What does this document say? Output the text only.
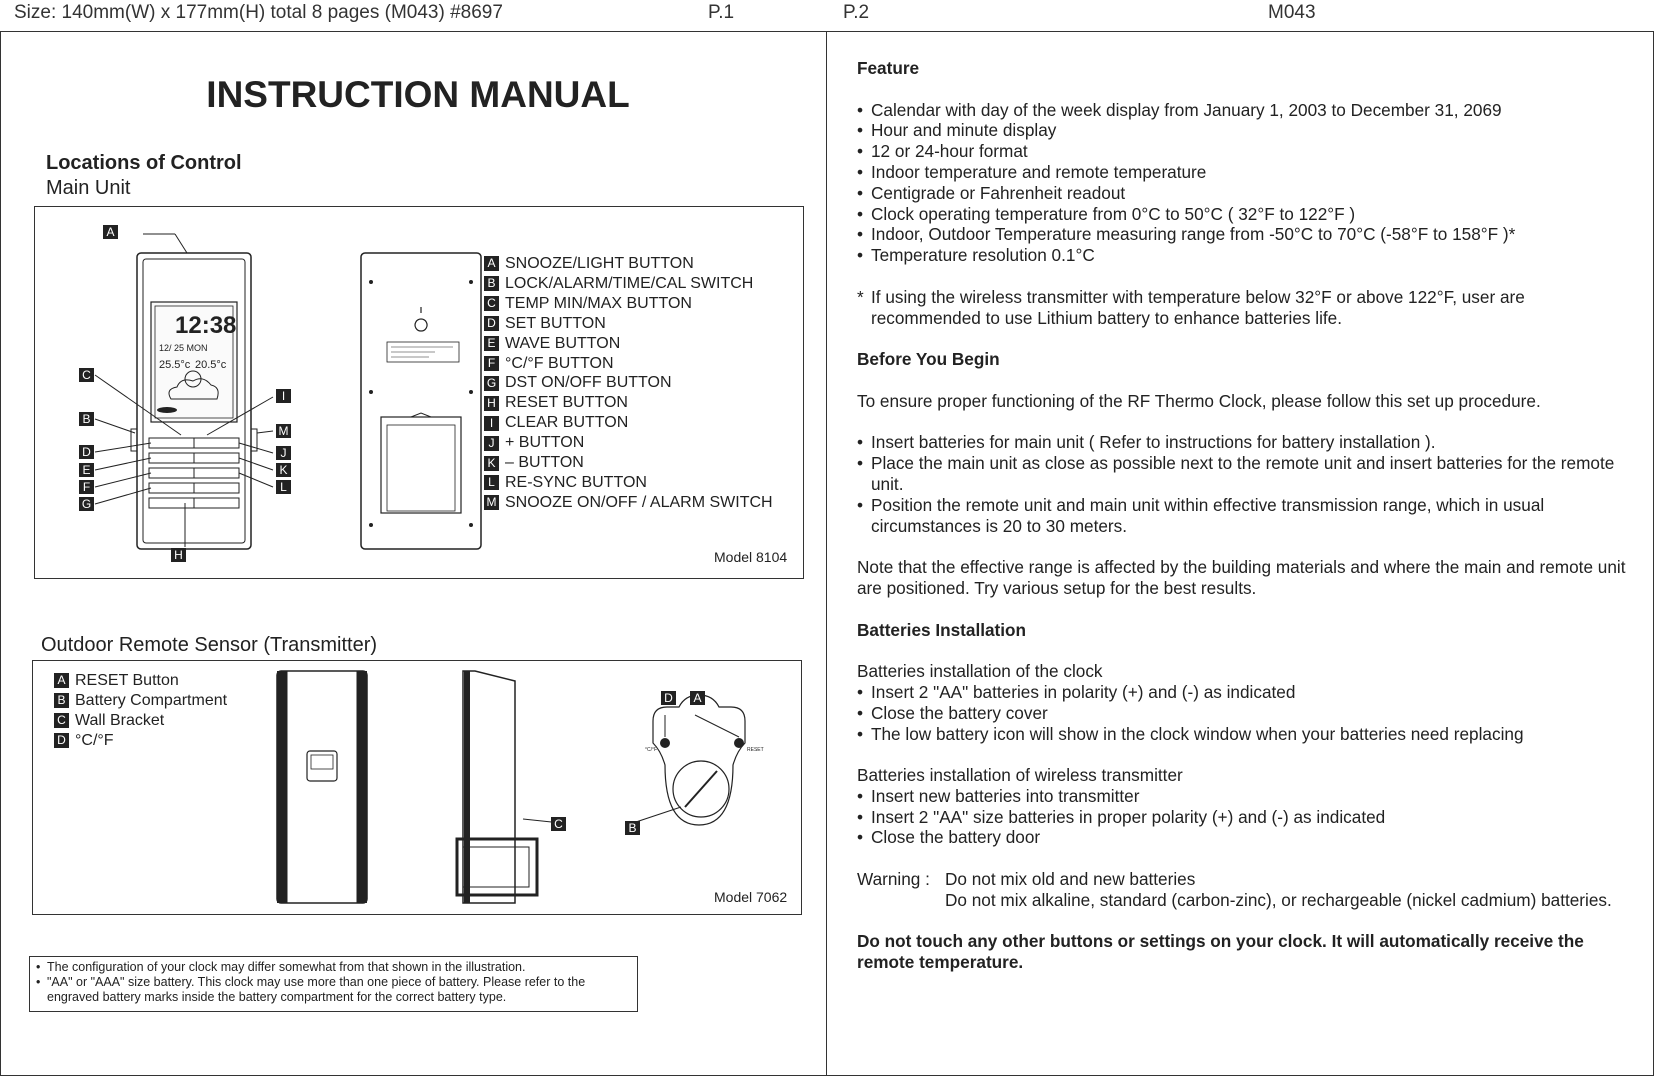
Size: 140mm(W) x 177mm(H) total 8 pages (M043) #8697	P.1	P.2	M043
INSTRUCTION MANUAL
Locations of Control
Main Unit
12:38
12/ 25 MON
25.5°c 20.5°c
A
C
B
D
E
F
G
H
I
M
J
K
L
A SNOOZE/LIGHT BUTTON
B LOCK/ALARM/TIME/CAL SWITCH
C TEMP MIN/MAX BUTTON
D SET BUTTON
E WAVE BUTTON
F °C/°F BUTTON
G DST ON/OFF BUTTON
H RESET BUTTON
I CLEAR BUTTON
J + BUTTON
K – BUTTON
L RE-SYNC BUTTON
M SNOOZE ON/OFF / ALARM SWITCH
Model 8104
Outdoor Remote Sensor (Transmitter)
A RESET Button
B Battery Compartment
C Wall Bracket
D °C/°F
°C/°F	RESET
D A
C	B
Model 7062
• The configuration of your clock may differ somewhat from that shown in the illustration.
• "AA" or "AAA" size battery. This clock may use more than one piece of battery. Please refer to the engraved battery marks inside the battery compartment for the correct battery type.
Feature
• Calendar with day of the week display from January 1, 2003 to December 31, 2069
• Hour and minute display
• 12 or 24-hour format
• Indoor temperature and remote temperature
• Centigrade or Fahrenheit readout
• Clock operating temperature from 0°C to 50°C ( 32°F to 122°F )
• Indoor, Outdoor Temperature measuring range from -50°C to 70°C (-58°F to 158°F )*
• Temperature resolution 0.1°C
* If using the wireless transmitter with temperature below 32°F or above 122°F, user are recommended to use Lithium battery to enhance batteries life.
Before You Begin
To ensure proper functioning of the RF Thermo Clock, please follow this set up procedure.
• Insert batteries for main unit ( Refer to instructions for battery installation ).
• Place the main unit as close as possible next to the remote unit and insert batteries for the remote unit.
• Position the remote unit and main unit within effective transmission range, which in usual circumstances is 20 to 30 meters.
Note that the effective range is affected by the building materials and where the main and remote unit are positioned. Try various setup for the best results.
Batteries Installation
Batteries installation of the clock
• Insert 2 "AA" batteries in polarity (+) and (-) as indicated
• Close the battery cover
• The low battery icon will show in the clock window when your batteries need replacing
Batteries installation of wireless transmitter
• Insert new batteries into transmitter
• Insert 2 "AA" size batteries in proper polarity (+) and (-) as indicated
• Close the battery door
Warning : Do not mix old and new batteries
Do not mix alkaline, standard (carbon-zinc), or rechargeable (nickel cadmium) batteries.
Do not touch any other buttons or settings on your clock. It will automatically receive the remote temperature.
